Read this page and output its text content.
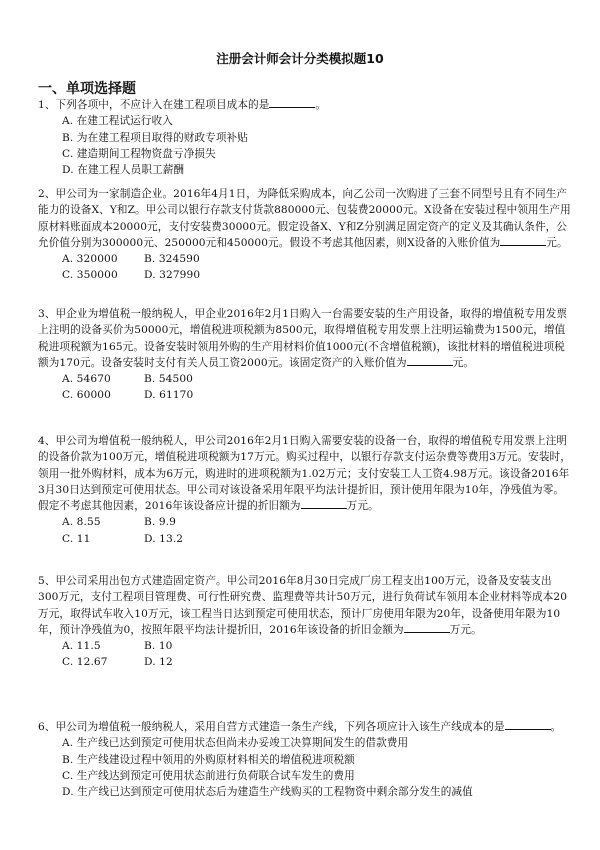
注册会计师会计分类模拟题10
一、单项选择题

1、下列各项中，不应计入在建工程项目成本的是	。

A. 在建工程试运行收入

B. 为在建工程项目取得的财政专项补贴

C. 建造期间工程物资盘亏净损失

D. 在建工程人员职工薪酬

2、甲公司为一家制造企业。2016年4月1日，为降低采购成本，向乙公司一次购进了三套不同型号且有不同生产能力的设备X、Y和Z。甲公司以银行存款支付货款880000元、包装费20000元。X设备在安装过程中领用生产用原材料账面成本20000元，支付安装费30000元。假定设备X、Y和Z分别满足固定资产的定义及其确认条件，公允价值分别为300000元、250000元和450000元。假设不考虑其他因素，则X设备的入账价值为	元。

A. 320000	B. 324590
C. 350000	D. 327990

3、甲企业为增值税一般纳税人，甲企业2016年2月1日购入一台需要安装的生产用设备，取得的增值税专用发票上注明的设备买价为50000元，增值税进项税额为8500元，取得增值税专用发票上注明运输费为1500元，增值税进项税额为165元。设备安装时领用外购的生产用材料价值1000元(不含增值税额)，该批材料的增值税进项税额为170元。设备安装时支付有关人员工资2000元。该固定资产的入账价值为	元。

A. 54670	B. 54500
C. 60000	D. 61170

4、甲公司为增值税一般纳税人，甲公司2016年2月1日购入需要安装的设备一台，取得的增值税专用发票上注明的设备价款为100万元，增值税进项税额为17万元。购买过程中，以银行存款支付运杂费等费用3万元。安装时，领用一批外购材料，成本为6万元，购进时的进项税额为1.02万元；支付安装工人工资4.98万元。该设备2016年3月30日达到预定可使用状态。甲公司对该设备采用年限平均法计提折旧，预计使用年限为10年，净残值为零。假定不考虑其他因素，2016年该设备应计提的折旧额为	万元。

A. 8.55	B. 9.9
C. 11	D. 13.2

5、甲公司采用出包方式建造固定资产。甲公司2016年8月30日完成厂房工程支出100万元，设备及安装支出300万元，支付工程项目管理费、可行性研究费、监理费等共计50万元，进行负荷试车领用本企业材料等成本20万元，取得试车收入10万元，该工程当日达到预定可使用状态，预计厂房使用年限为20年，设备使用年限为10年，预计净残值为0，按照年限平均法计提折旧，2016年该设备的折旧金额为	万元。

A. 11.5	B. 10
C. 12.67	D. 12

6、甲公司为增值税一般纳税人，采用自营方式建造一条生产线，下列各项应计入该生产线成本的是	。

A. 生产线已达到预定可使用状态但尚未办妥竣工决算期间发生的借款费用

B. 生产线建设过程中领用的外购原材料相关的增值税进项税额

C. 生产线达到预定可使用状态前进行负荷联合试车发生的费用

D. 生产线已达到预定可使用状态后为建造生产线购买的工程物资中剩余部分发生的减值
